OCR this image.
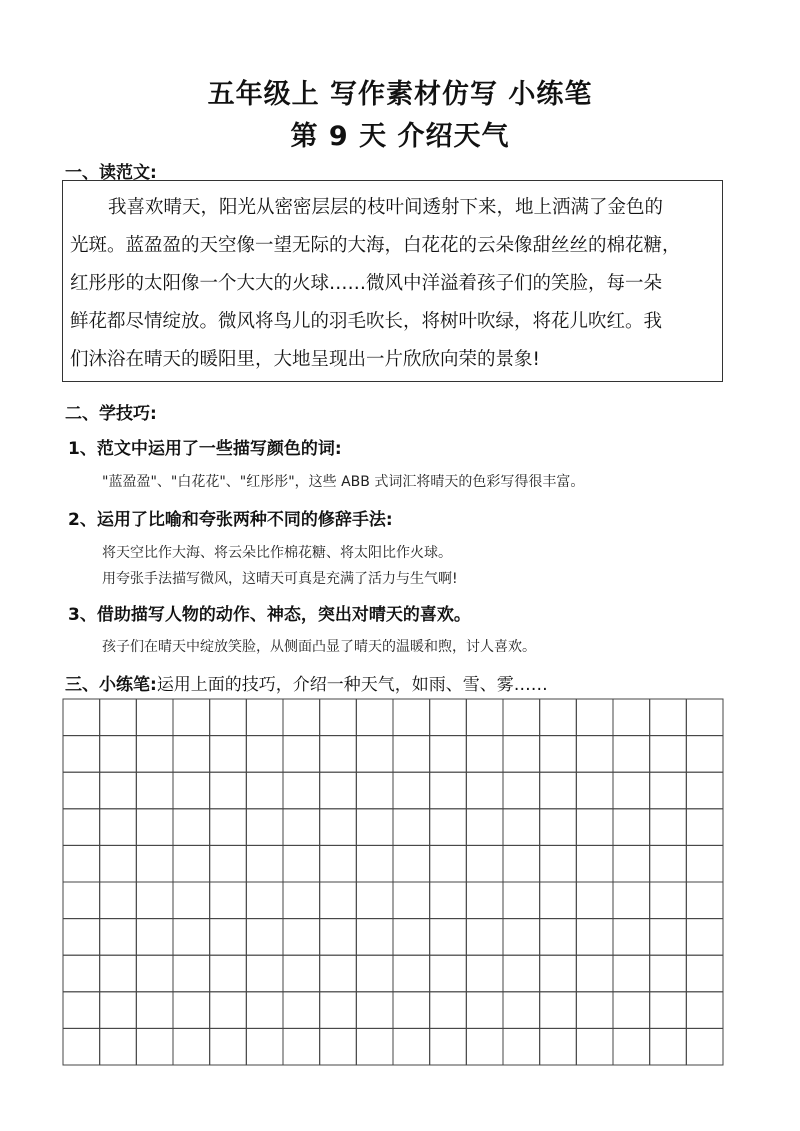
五年级上 写作素材仿写 小练笔
第 9 天 介绍天气
一、读范文:
我喜欢晴天，阳光从密密层层的枝叶间透射下来，地上洒满了金色的
光斑。蓝盈盈的天空像一望无际的大海，白花花的云朵像甜丝丝的棉花糖，
红彤彤的太阳像一个大大的火球……微风中洋溢着孩子们的笑脸，每一朵
鲜花都尽情绽放。微风将鸟儿的羽毛吹长，将树叶吹绿，将花儿吹红。我
们沐浴在晴天的暖阳里，大地呈现出一片欣欣向荣的景象!
二、学技巧:
1、范文中运用了一些描写颜色的词:
"蓝盈盈"、"白花花"、"红彤彤"，这些 ABB 式词汇将晴天的色彩写得很丰富。
2、运用了比喻和夸张两种不同的修辞手法:
将天空比作大海、将云朵比作棉花糖、将太阳比作火球。
用夸张手法描写微风，这晴天可真是充满了活力与生气啊!
3、借助描写人物的动作、神态，突出对晴天的喜欢。
孩子们在晴天中绽放笑脸，从侧面凸显了晴天的温暖和煦，讨人喜欢。
三、小练笔:运用上面的技巧，介绍一种天气，如雨、雪、雾……
